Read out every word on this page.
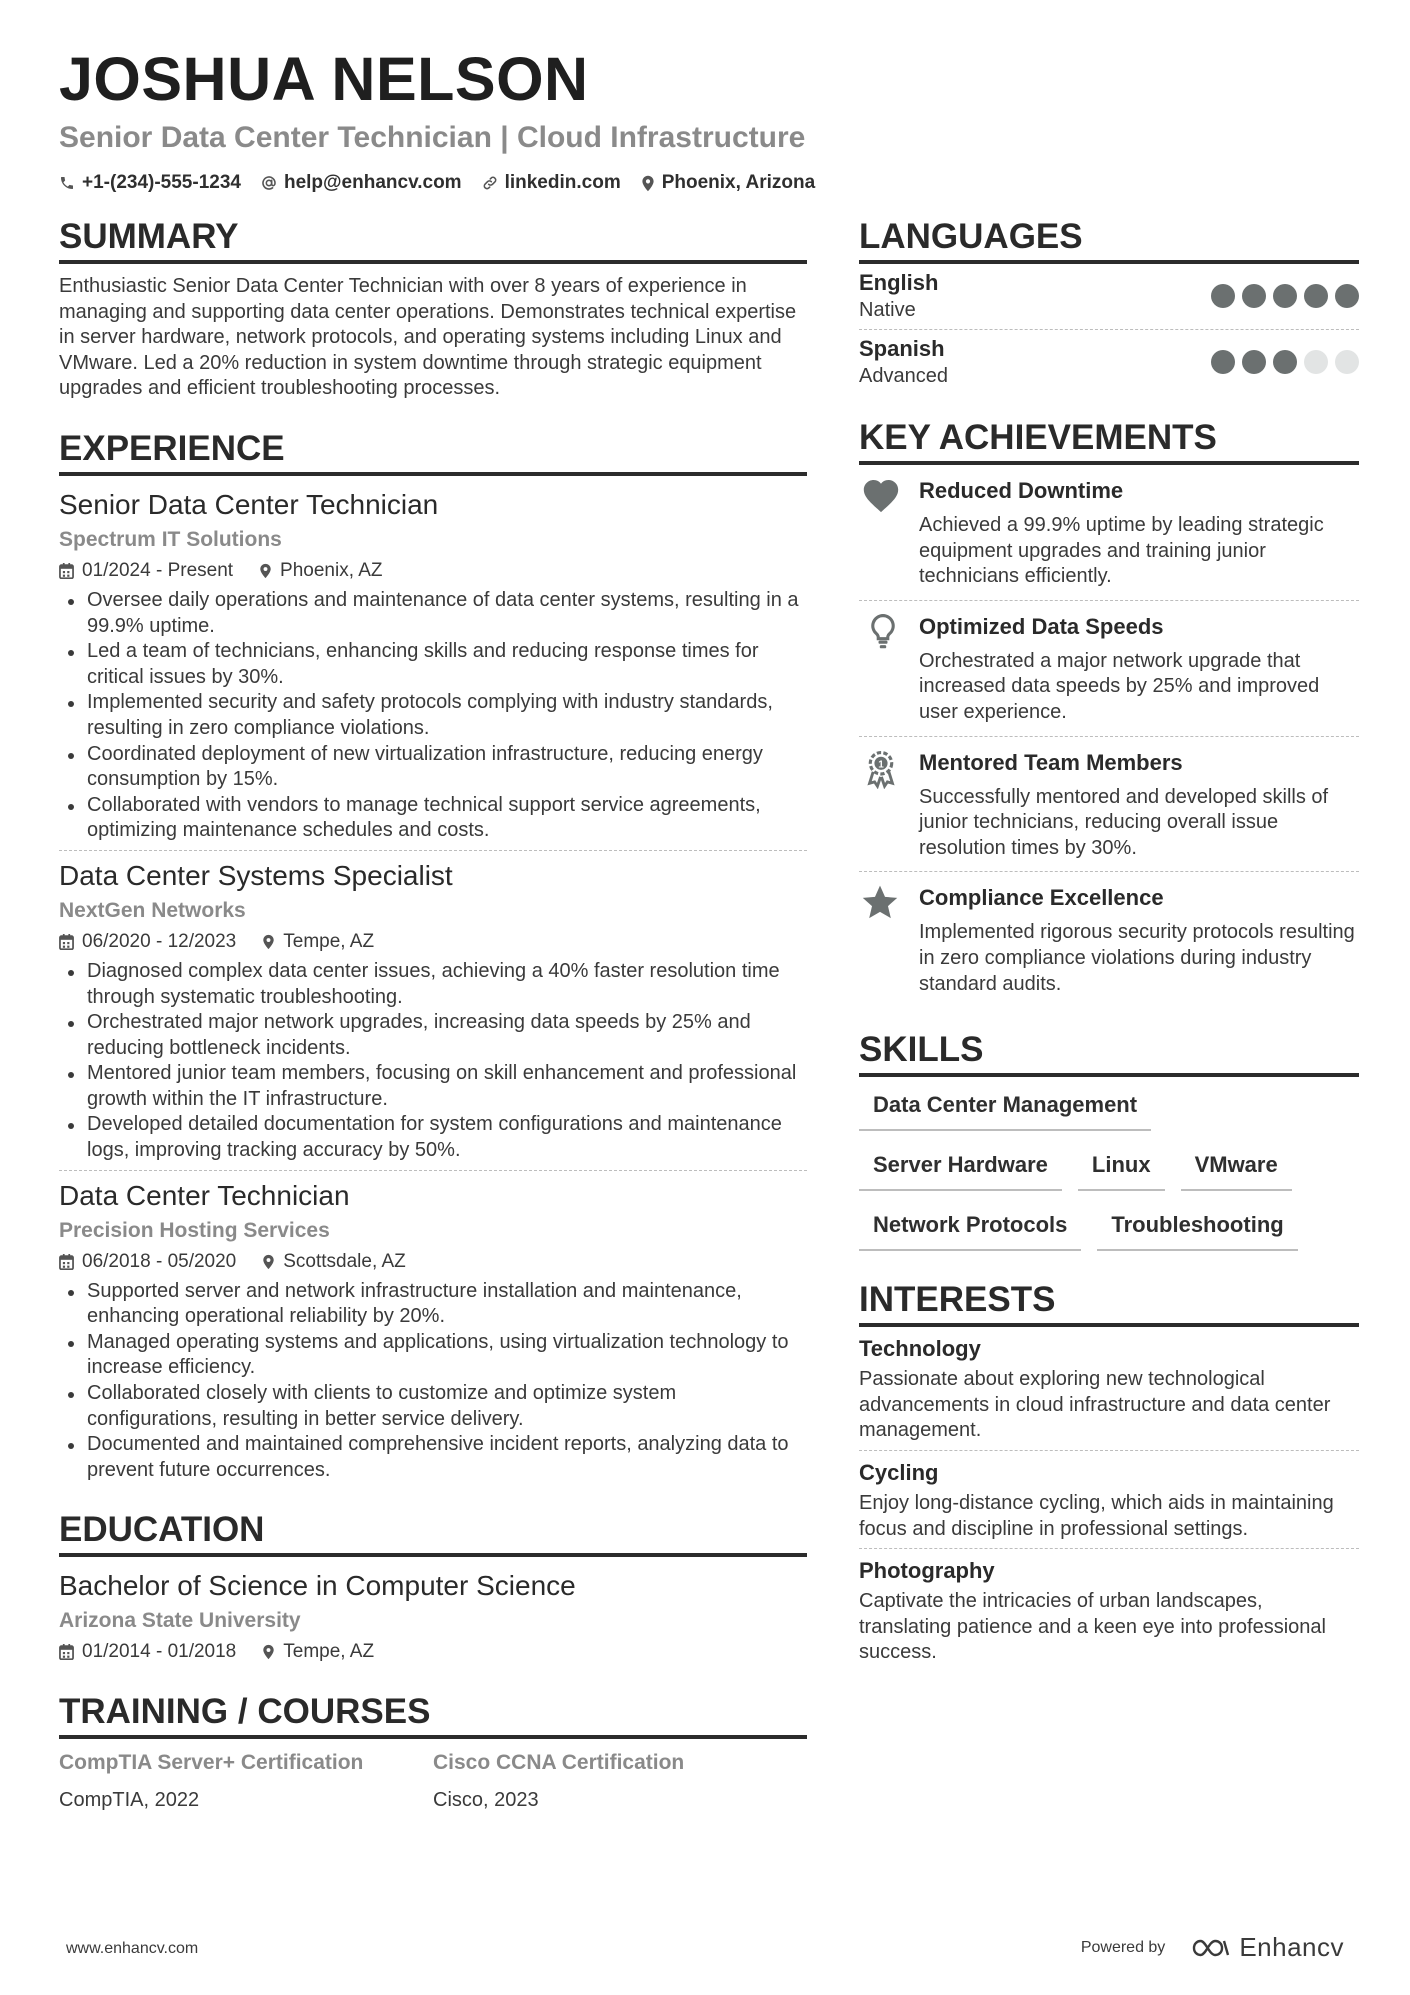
JOSHUA NELSON
Senior Data Center Technician | Cloud Infrastructure
+1-(234)-555-1234 help@enhancv.com linkedin.com Phoenix, Arizona
SUMMARY
Enthusiastic Senior Data Center Technician with over 8 years of experience in managing and supporting data center operations. Demonstrates technical expertise in server hardware, network protocols, and operating systems including Linux and VMware. Led a 20% reduction in system downtime through strategic equipment upgrades and efficient troubleshooting processes.
EXPERIENCE
Senior Data Center Technician
Spectrum IT Solutions
01/2024 - Present Phoenix, AZ
Oversee daily operations and maintenance of data center systems, resulting in a 99.9% uptime.
Led a team of technicians, enhancing skills and reducing response times for critical issues by 30%.
Implemented security and safety protocols complying with industry standards, resulting in zero compliance violations.
Coordinated deployment of new virtualization infrastructure, reducing energy consumption by 15%.
Collaborated with vendors to manage technical support service agreements, optimizing maintenance schedules and costs.
Data Center Systems Specialist
NextGen Networks
06/2020 - 12/2023 Tempe, AZ
Diagnosed complex data center issues, achieving a 40% faster resolution time through systematic troubleshooting.
Orchestrated major network upgrades, increasing data speeds by 25% and reducing bottleneck incidents.
Mentored junior team members, focusing on skill enhancement and professional growth within the IT infrastructure.
Developed detailed documentation for system configurations and maintenance logs, improving tracking accuracy by 50%.
Data Center Technician
Precision Hosting Services
06/2018 - 05/2020 Scottsdale, AZ
Supported server and network infrastructure installation and maintenance, enhancing operational reliability by 20%.
Managed operating systems and applications, using virtualization technology to increase efficiency.
Collaborated closely with clients to customize and optimize system configurations, resulting in better service delivery.
Documented and maintained comprehensive incident reports, analyzing data to prevent future occurrences.
EDUCATION
Bachelor of Science in Computer Science
Arizona State University
01/2014 - 01/2018 Tempe, AZ
TRAINING / COURSES
CompTIA Server+ Certification
CompTIA, 2022
Cisco CCNA Certification
Cisco, 2023
LANGUAGES
English
Native
Spanish
Advanced
KEY ACHIEVEMENTS
Reduced Downtime
Achieved a 99.9% uptime by leading strategic equipment upgrades and training junior technicians efficiently.
Optimized Data Speeds
Orchestrated a major network upgrade that increased data speeds by 25% and improved user experience.
1 Mentored Team Members
Successfully mentored and developed skills of junior technicians, reducing overall issue resolution times by 30%.
Compliance Excellence
Implemented rigorous security protocols resulting in zero compliance violations during industry standard audits.
SKILLS
Data Center Management
Server Hardware	Linux	VMware
Network Protocols	Troubleshooting
INTERESTS
Technology
Passionate about exploring new technological advancements in cloud infrastructure and data center management.
Cycling
Enjoy long-distance cycling, which aids in maintaining focus and discipline in professional settings.
Photography
Captivate the intricacies of urban landscapes, translating patience and a keen eye into professional success.
www.enhancv.com	Powered by	Enhancv
